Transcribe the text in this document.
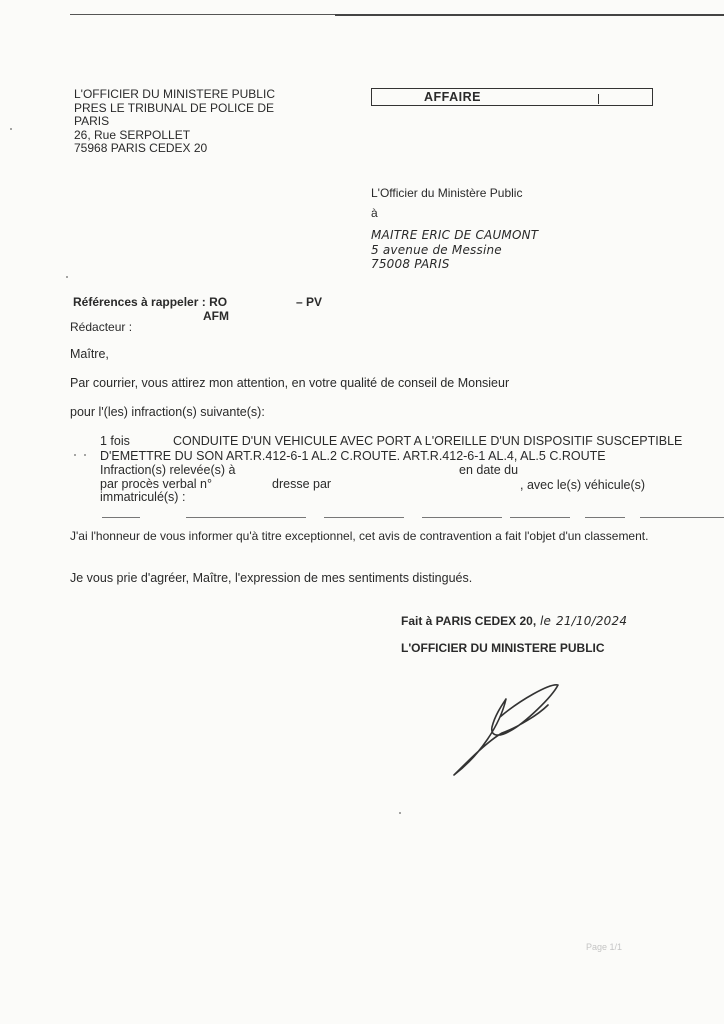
L'OFFICIER DU MINISTERE PUBLIC
PRES LE TRIBUNAL DE POLICE DE
PARIS
26, Rue SERPOLLET
75968 PARIS CEDEX 20
AFFAIRE
L'Officier du Ministère Public
à
MAITRE ERIC DE CAUMONT
5 avenue de Messine
75008 PARIS
Références à rappeler : RO	– PV
AFM
Rédacteur :
Maître,
Par courrier, vous attirez mon attention, en votre qualité de conseil de Monsieur
pour l'(les) infraction(s) suivante(s):
1 fois	CONDUITE D'UN VEHICULE AVEC PORT A L'OREILLE D'UN DISPOSITIF SUSCEPTIBLE
D'EMETTRE DU SON ART.R.412-6-1 AL.2 C.ROUTE. ART.R.412-6-1 AL.4, AL.5 C.ROUTE
Infraction(s) relevée(s) à	en date du
par procès verbal n°	dresse par	, avec le(s) véhicule(s)
immatriculé(s) :
J'ai l'honneur de vous informer qu'à titre exceptionnel, cet avis de contravention a fait l'objet d'un classement.
Je vous prie d'agréer, Maître, l'expression de mes sentiments distingués.
Fait à PARIS CEDEX 20, le 21/10/2024
L'OFFICIER DU MINISTERE PUBLIC
Page 1/1
